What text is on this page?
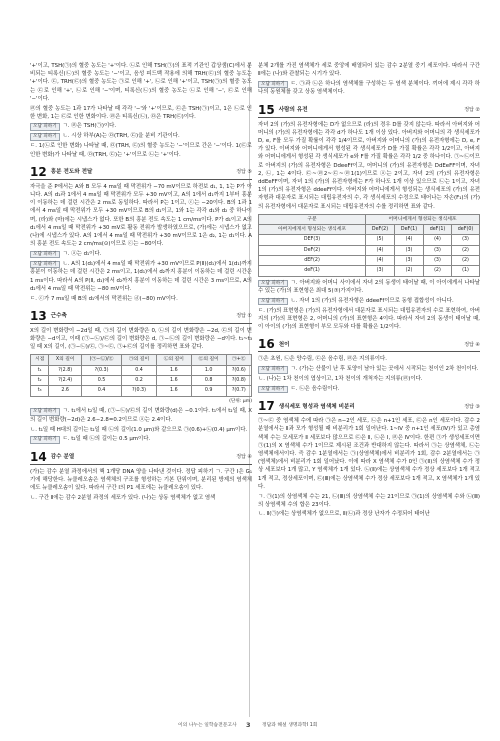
'+'이고, TSH(㉠)의 혈중 농도는 '+'이다. ㉡로 인해 TSH(㉠)의 표적 기관인 갑상샘(C)에서 분비되는 티록신(㉡)의 혈중 농도는 '−'이고, 음성 피드백 작용에 의해 TRH(㉢)의 혈중 농도는 '+'이다. ㉢, TRH(㉢)의 혈중 농도는 ㉠로 인해 '+', ㉡로 인해 '+'이고, TSH(㉠)의 혈중 농도는 ㉢로 인해 '+', ㉡로 인해 '−'이며, 티록신(㉡)의 혈중 농도는 ㉡로 인해 '−', ㉢로 인해 '−'이다.

㉣의 혈중 농도는 1과 17가 나타날 때 각각 '−'와 '+'이므로, ㉢은 TSH(㉠)이고, 1은 ㉡로 인한 변화, 1는 ㉢로 인한 변화이다. ㉣은 티록신(㉡), ㉤은 TRH(㉢)이다.

오답 피하기 ㄱ. ㉣은 TSH(㉠)이다.

오답 피하기 ㄴ. 시상 하부(A)는 ㉤(TRH, ㉢)을 분비 기관이다.

ㄷ. 1(㉡로 인한 변화) 나타날 때, ㉤(TRH, ㉢)의 혈중 농도는 '−'이므로 간은 '−'이다. 1(㉢로 인한 변화)가 나타날 때, ㉤(TRH, ㉢)는 '+'이므로 ㉡는 '+'이다.

12 흥분 전도와 전달	정답 ⑤

자극을 준 P에서는 A와 B 모두 4 ms일 때 막전위가 −70 mV이므로 하전보 d₁, 1, 1는 P가 아니다. A의 d₁과 1에서 4 ms일 때 막전위가 모두 +30 mV이고, A의 1에서 d₁까지 1부터 흥분이 이동하는 데 걸린 시간은 2 ms로 동일하다. 따라서 P는 1이고, ⓒ는 −20이다. B의 1과 1에서 4 ms일 때 막전위가 모두 +30 mV이므로 B의 d₁이고, 1와 1는 각각 d₁와 d₂ 중 하나이며, (라)와 (마)에는 시냅스가 없다. 또한 B의 흥분 전도 속도는 1 cm/ms이다. P가 d₁이고 A의 d₁에서 4 ms일 때 막전위가 +30 mV로 활동 전위가 발생하였으므로, (가)에는 시냅스가 없고 (나)에 시냅스가 있다. A의 1에서 4 ms일 때 막전위가 +30 mV이므로 1은 d₂, 1는 d₁이다. A의 흥분 전도 속도는 2 cm/ms(⊙)이므로 ⓒ는 −80이다.

오답 피하기 ㄱ. ⓐ는 d₁이다.

오답 피하기 ㄴ. A의 1(d₁)에서 4 ms일 때 막전위가 +30 mV이므로 P(Ⅱ)(d₁)에서 1(d₁)까지 흥분이 이동하는 데 걸린 시간은 2 ms이고, 1(d₁)에서 d₂까지 흥분이 이동하는 데 걸린 시간은 1 ms이다. 따라서 A의 P(Ⅱ, d₁)에서 d₂까지 흥분이 이동하는 데 걸린 시간은 3 ms이므로, A의 d₂에서 4 ms일 때 막전위는 −80 mV이다.

ㄷ. ⓒ가 7 ms일 때 B의 d₁에서의 막전위는 ⓓ(−80) mV이다.

13 근수축	정답 ①

X의 길이 변화량이 −2d일 때, ㉠의 길이 변화량은 0, ㉡의 길이 변화량은 −2d, ㉢의 길이 변화량은 −d이고, 이때 (㉠−㉡)/㉢의 길이 변화량은 d, ㉠−㉡의 길이 변화량은 −d이다. t₁~t₃일 때 X의 길이, (㉠−㉡)/㉢, ㉠~㉢, ㉠+㉢의 길이를 정리하면 표와 같다.

시점	X의 길이	(㉠−㉡)/㉢	㉠의 길이	㉡의 길이	㉢의 길이	㉠+㉢
t₁	?(2.8)	?(0.3)	0.4	1.6	1.0	?(0.6)
t₂	?(2.4)	0.5	0.2	1.6	0.8	?(0.8)
t₃	2.6	0.4	?(0.3)	1.6	0.9	?(0.7)
(단위: μm)

오답 피하기 ㄱ. t₁에서 t₂일 때, (㉠−㉡)/㉢의 길이 변화량(d)은 −0.1이다. t₁에서 t₂일 때, X의 길이 변화량(−2d)은 2.6−2.8=0.2이므로 ⓐ는 2.4이다.

ㄴ. t₁일 때 H대의 길이는 t₂일 때 ㉡의 길이(1.0 μm)와 같으므로 ㉠(0.6)+㉡(0.4) μm이다.

오답 피하기 ㄷ. t₂일 때 ㉡의 길이는 0.5 μm이다.

14 감수 분열	정답 ④

(가)는 감수 분열 과정에서의 핵 1개당 DNA 양을 나타낸 것이다. 정답 피하기 ㄱ. 구간 Ⅰ은 G₁기에 해당한다. 뉴클레오솜은 염색체의 구조를 형성하는 기본 단위이며, 분리된 방제의 염색체에도 뉴클레오솜이 있다. 따라서 구간 Ⅰ의 P1 세포에는 뉴클레오솜이 있다.

ㄴ. 구간 Ⅱ에는 감수 2분열 과정의 세포가 있다. (나)는 상동 염색체가 없고 염색

분체 2개를 가진 염색체가 세로 중앙에 배열되어 있는 감수 2분열 중기 세포이다. 따라서 구간 Ⅱ에는 (나)와 관찰되는 시기가 있다.

오답 피하기 ㄷ. ㉠과 ㉡은 하나의 염색체를 구성하는 두 염색 분체이다. 끼어에 제시 각각 하나의 동원체를 갖고 상동 염색체이다.

15 사람의 유전	정답 ②

자녀 2의 (가)의 유전자형에는 D가 없으므로 (라)의 경우 D를 갖지 않는다. 따라서 아버지와 어머니의 (가)의 유전자형에는 각각 d가 하나도 1개 이상 있다. 아버지와 어머니의 각 생식세포가 D, e, F를 모두 가질 확률이 각각 1/4이므로, 아버지와 어머니의 (가)의 유전자형에는 D, e, F가 있다. 이버지와 어머니에게서 형성된 각 생식세포가 D를 가질 확률은 각각 1/2이고, 아버지와 어머니에게서 형성된 각 생식세포가 e와 F를 가질 확률은 각각 1/2 중 하나이다. ㉠~㉡이므로 아버지의 (가)의 유전자형은 DdeeFf이고, 어머니의 (가)의 유전자형은 DdEeFF이며, 자녀 2, ㉡, 1는 4이다. ㉢~㉣2~㉢~㉣1(1)이므로 ⓐ는 2이고, 자녀 2의 (가)의 유전자형은 ddEeFF이며, 자녀 1의 (가)의 유전자형에는 F가 하나도 1개 이상 있으므로 ㉡는 1이고, 자녀 1의 (가)의 유전자형은 ddeeFf이다. 아버지와 어머니에게서 형성되는 생식세포의 (가)의 유전자형과 대문자로 표시되는 대립유전자의 수, 각 생식세포의 수정으로 태어나는 자손(F₁)의 (가)의 유전자형에서 대문자로 표시되는 대립유전자의 수를 정리하면 표와 같다.

구분	어머니에게서 형성되는 생식세포			
아버지에게서 형성되는 생식세포	DeF(2)	DeF(1)	deF(1)	deF(0)
DEF(3)	(5)	(4)	(4)	(3)
DeF(2)	(4)	(3)	(3)	(2)
dEF(2)	(4)	(3)	(3)	(2)
deF(1)	(3)	(2)	(2)	(1)

오답 피하기 ㄱ. 아버지와 어머니 사이에서 자녀 2의 동생이 태어날 때, 이 아이에게서 나타날 수 있는 (가)의 표현형은 최대 5(⑦)가지이다.

오답 피하기 ㄴ. 자녀 1의 (가)의 유전자형은 ddeeFf이므로 동형 접합성이 아니다.

ㄷ. (가)의 표현형은 (가)의 유전자형에서 대문자로 표시되는 대립유전자의 수로 표현하여, 아버지의 (가)의 표현형은 2, 어머니의 (가)의 표현형은 4이다. 따라서 자녀 2의 동생이 태어날 때, 이 아이의 (가)의 표현형이 부모 모두와 다를 확률은 1/2이다.

16 천이	정답 ④

㉠은 초원, ㉡은 양수림, ㉢은 음수림, ㉣은 지의류이다.

오답 피하기 ㄱ. (가)는 산불이 난 후 토양이 남아 있는 곳에서 시작되는 천이인 2차 천이이다.

ㄴ. (나)는 1차 천이의 엽상이고, 1차 천이의 개척자는 지의류(㉣)이다.

오답 피하기 ㄷ. ㉡은 음수림이다.

17 생식세포 형성과 염색체 비분리	정답 ③

㉠~㉢ 중 염색체 수에 따라 ㉠은 n−2인 세포, ㉡은 n+1인 세포, ㉢은 n인 세포이다. 감수 2분열에서는 Ⅱ과 모가 형성될 때 비분리가 1회 일어난다. 1~Ⅳ 중 n+1인 세포(Ⅳ)가 있고 총염색체 수는 모세포가 Ⅱ 세포보다 많으므로 ㉢은 Ⅱ, ㉡은 Ⅰ, ㉣은 Ⅳ이다. 한편 ㉠가 생성세포이면 ㉠(1)의 X 염색체 수가 1이므로 제시된 조건과 반대하지 않는다. 따라서 ㉠는 상염색체, ㉡는 염색체에서이다. 즉 감수 1분열에서는 ㉠(상염색체)에서 비분리가 1회, 감수 2분열에서는 ㉠(염색체)에서 비분리가 1회 일어났다. 이에 따라 X 염색체 수가 0인 ㉠(Ⅱ)의 상염색체 수가 정상 세포보다 1개 많고, Y 염색체가 1개 있다. ㉡(Ⅱ)에는 상염색체 수가 정상 세포보다 1개 적고 1개 적고, 정상세포이며, ㉢(Ⅲ)에는 상염색체 수가 정상 세포보다 1개 적고, X 염색체가 1개 있다.

ㄱ. ㉠(1)의 상염색체 수는 21, ㉡(Ⅲ)의 상염색체 수는 21이므로 ㉠(1)의 상염색체 수와 ㉡(Ⅲ)의 상염색체 수의 합은 23이다.

ㄴ. Ⅱ(㉠)에는 상염색체가 없으므로, Ⅱ(㉡)과 정상 난자가 수정되어 태어난

이의 나누는 일학습전문고사 3 정답과 해설 생명과학Ⅰ 1회
